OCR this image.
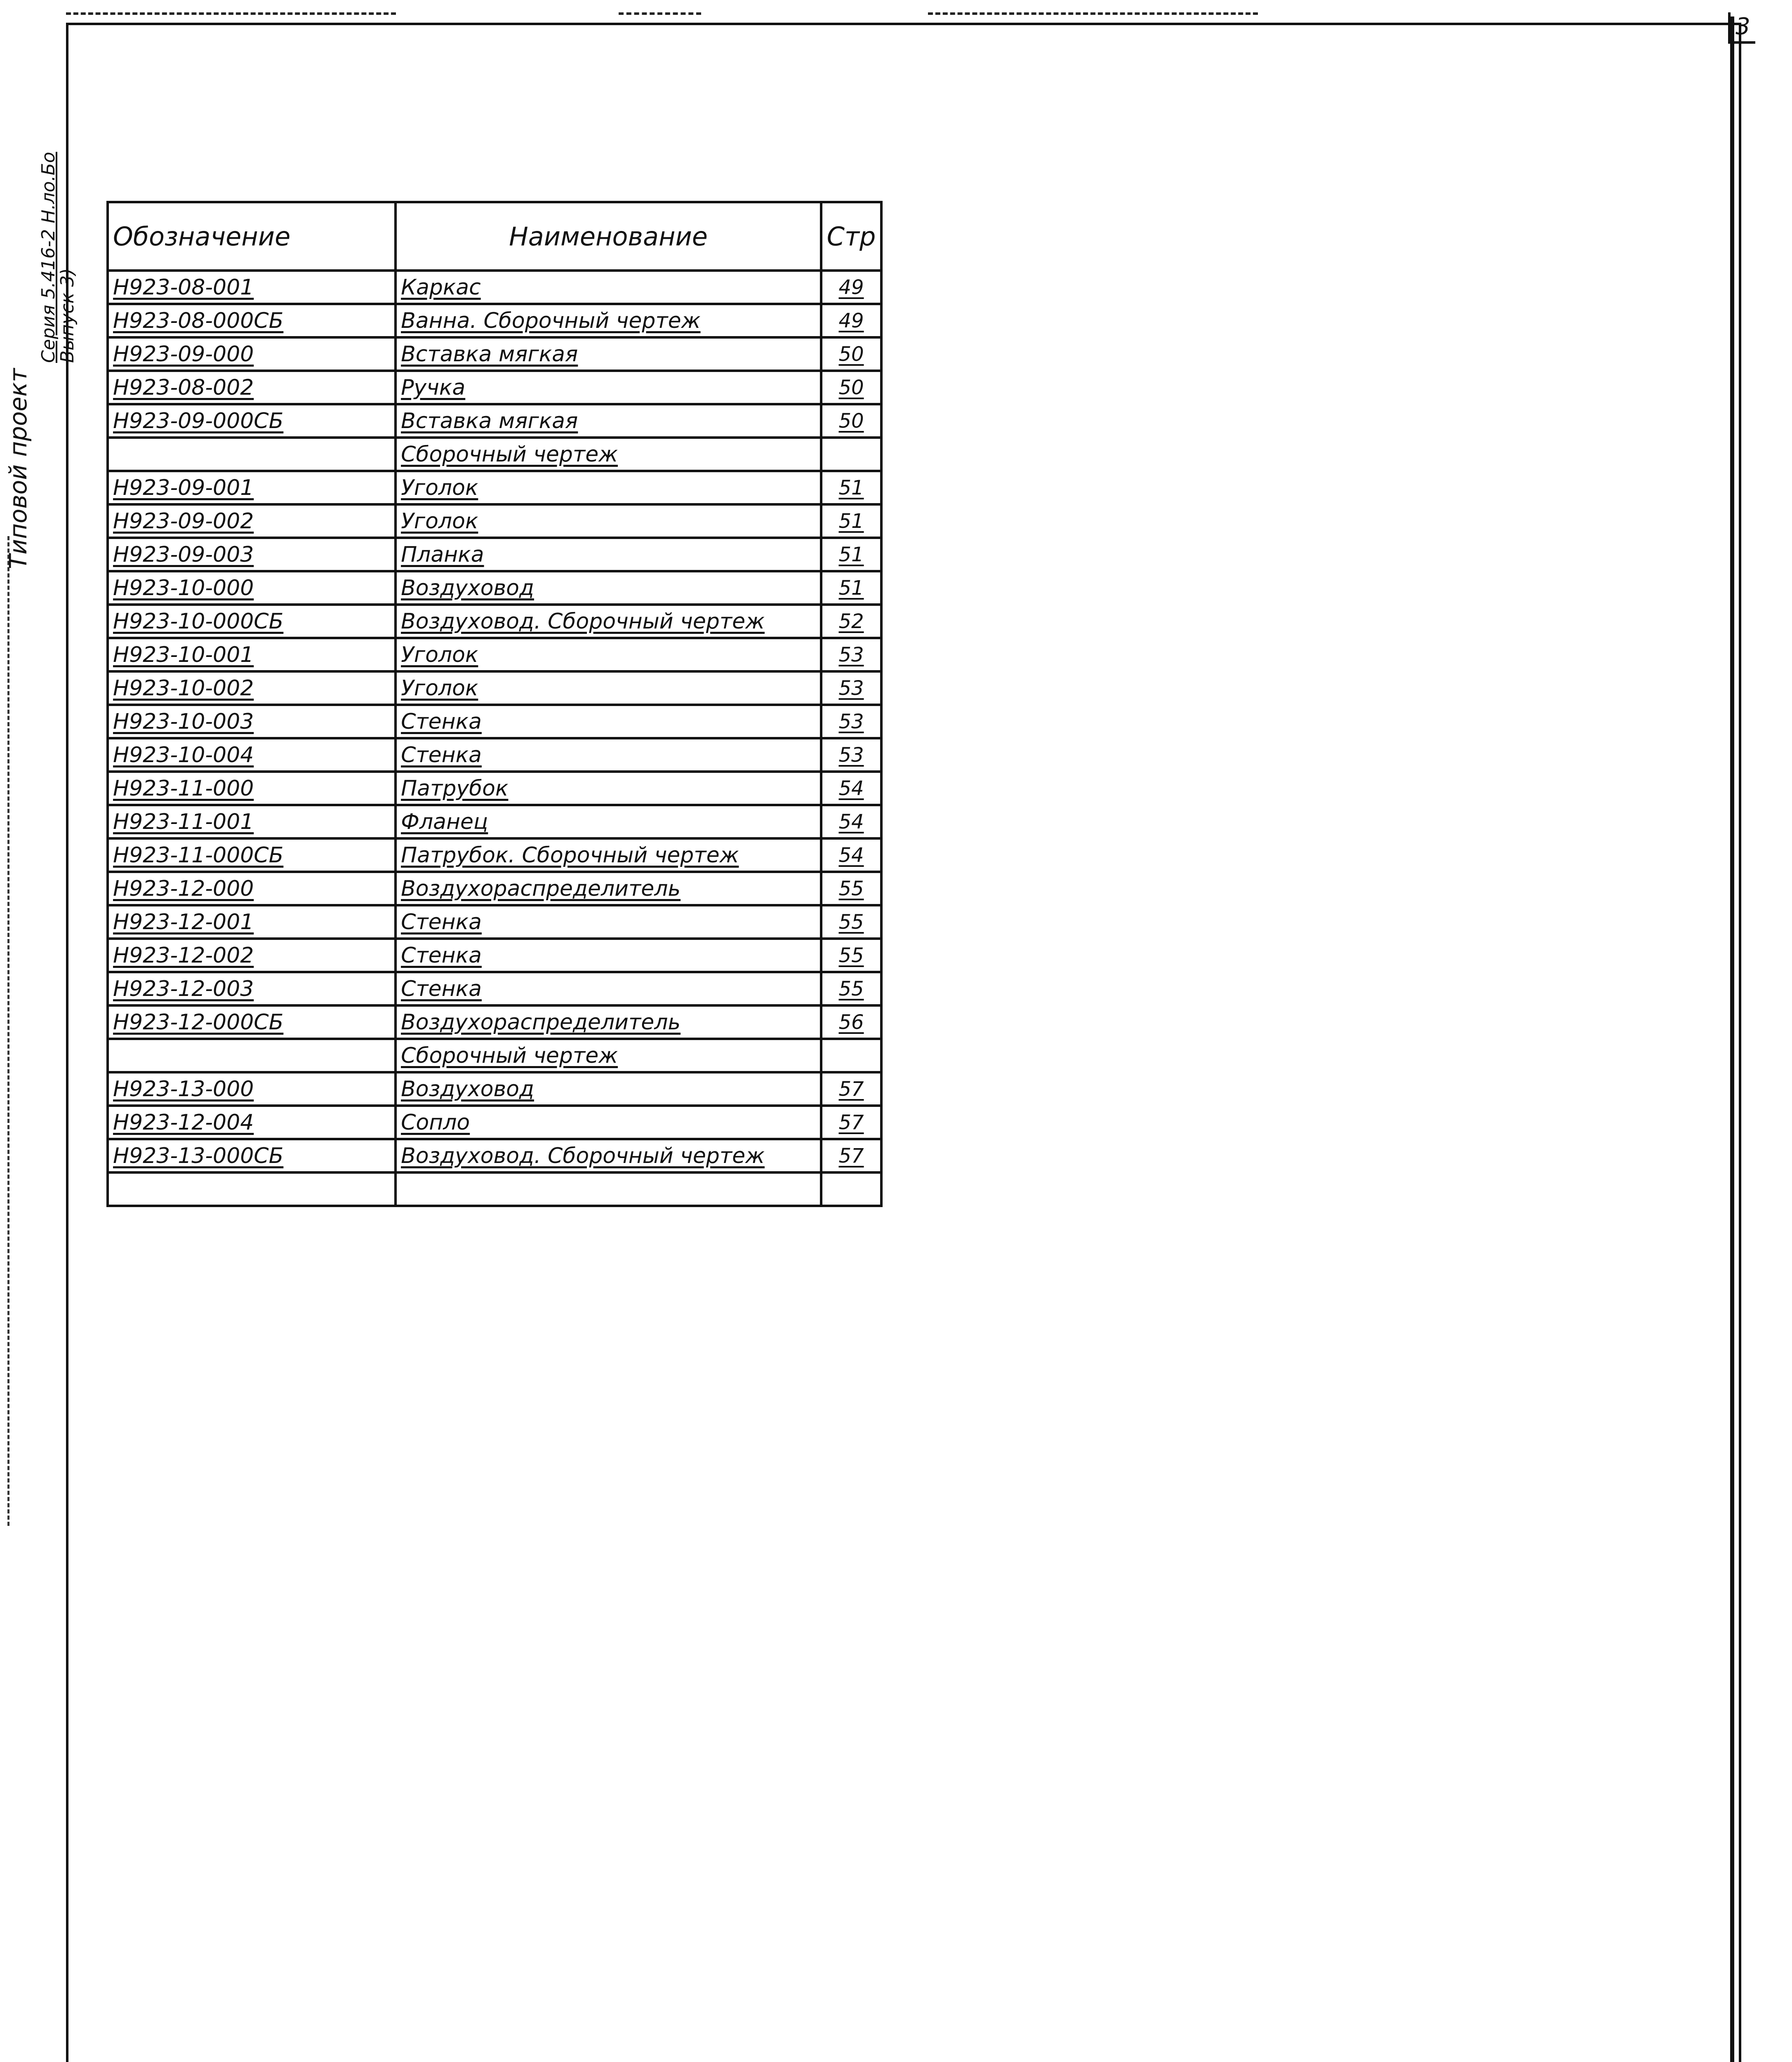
3
Типовой проект
Серия 5.416-2 Н.ло.Бо
Выпуск 3)
Обозначение	Наименование	Стр
Н923-08-001	Каркас	49
Н923-08-000СБ	Ванна. Сборочный чертеж	49
Н923-09-000	Вставка мягкая	50
Н923-08-002	Ручка	50
Н923-09-000СБ	Вставка мягкая	50
	Сборочный чертеж	
Н923-09-001	Уголок	51
Н923-09-002	Уголок	51
Н923-09-003	Планка	51
Н923-10-000	Воздуховод	51
Н923-10-000СБ	Воздуховод. Сборочный чертеж	52
Н923-10-001	Уголок	53
Н923-10-002	Уголок	53
Н923-10-003	Стенка	53
Н923-10-004	Стенка	53
Н923-11-000	Патрубок	54
Н923-11-001	Фланец	54
Н923-11-000СБ	Патрубок. Сборочный чертеж	54
Н923-12-000	Воздухораспределитель	55
Н923-12-001	Стенка	55
Н923-12-002	Стенка	55
Н923-12-003	Стенка	55
Н923-12-000СБ	Воздухораспределитель	56
	Сборочный чертеж	
Н923-13-000	Воздуховод	57
Н923-12-004	Сопло	57
Н923-13-000СБ	Воздуховод. Сборочный чертеж	57
